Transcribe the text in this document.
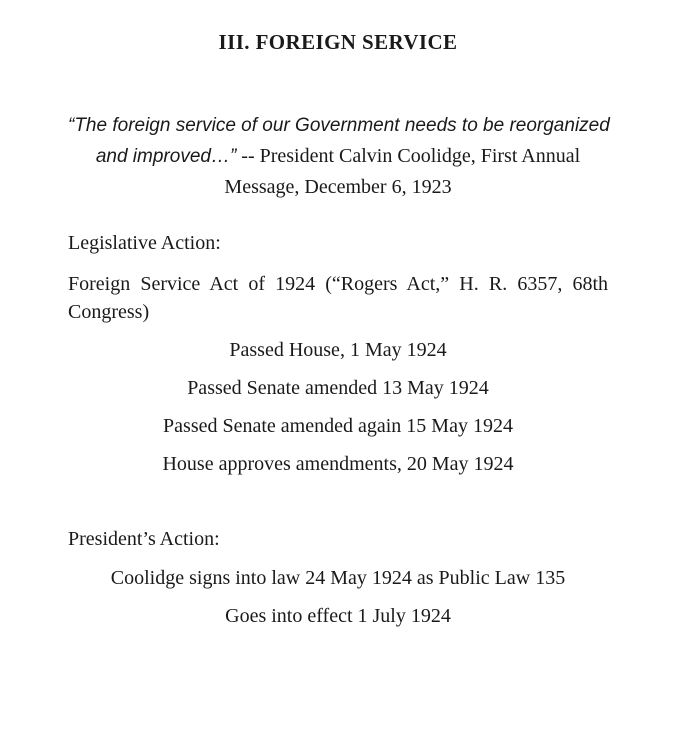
III. FOREIGN SERVICE
“The foreign service of our Government needs to be reorganized
and improved…” -- President Calvin Coolidge, First Annual
Message, December 6, 1923

Legislative Action:

Foreign Service Act of 1924 (“Rogers Act,” H. R. 6357, 68th Congress)

Passed House, 1 May 1924

Passed Senate amended 13 May 1924

Passed Senate amended again 15 May 1924

House approves amendments, 20 May 1924

President’s Action:

Coolidge signs into law 24 May 1924 as Public Law 135

Goes into effect 1 July 1924
